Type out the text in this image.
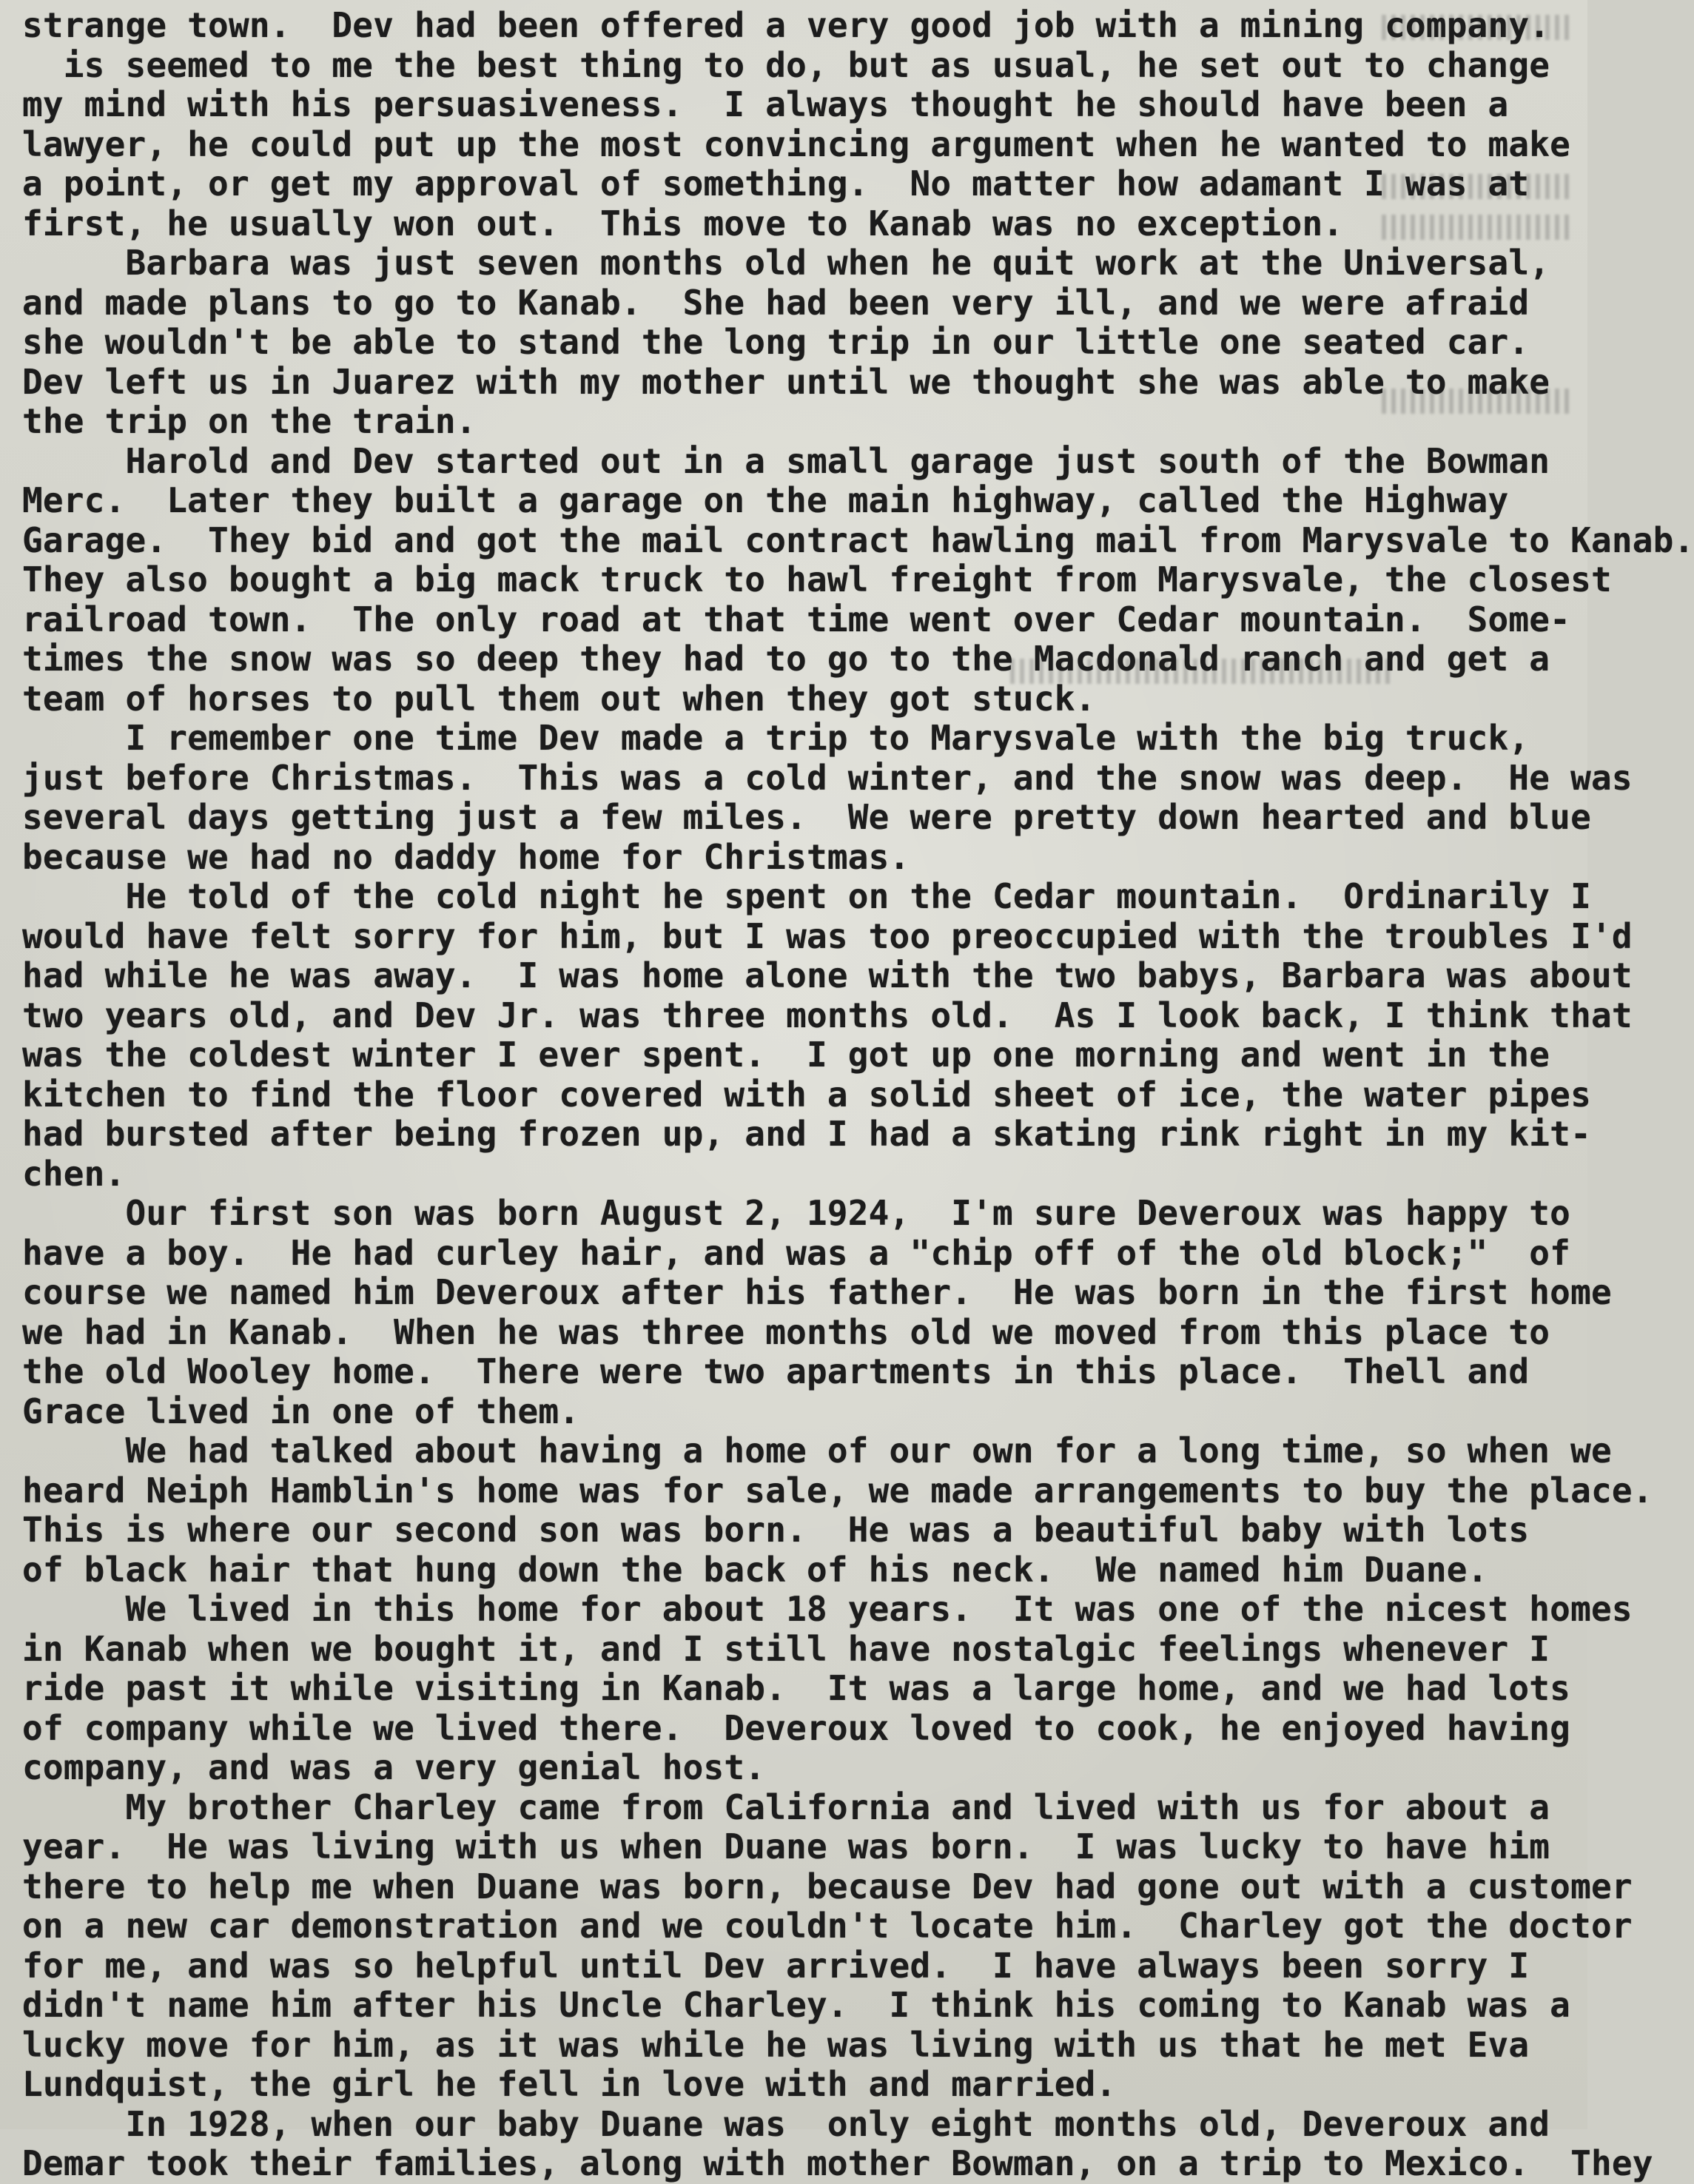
strange town.  Dev had been offered a very good job with a mining company.
is seemed to me the best thing to do, but as usual, he set out to change
my mind with his persuasiveness.  I always thought he should have been a
lawyer, he could put up the most convincing argument when he wanted to make
a point, or get my approval of something.  No matter how adamant I was at
first, he usually won out.  This move to Kanab was no exception.
Barbara was just seven months old when he quit work at the Universal,
and made plans to go to Kanab.  She had been very ill, and we were afraid
she wouldn't be able to stand the long trip in our little one seated car.
Dev left us in Juarez with my mother until we thought she was able to make
the trip on the train.
Harold and Dev started out in a small garage just south of the Bowman
Merc.  Later they built a garage on the main highway, called the Highway
Garage.  They bid and got the mail contract hawling mail from Marysvale to Kanab.
They also bought a big mack truck to hawl freight from Marysvale, the closest
railroad town.  The only road at that time went over Cedar mountain.  Some-
times the snow was so deep they had to go to the Macdonald ranch and get a
team of horses to pull them out when they got stuck.
I remember one time Dev made a trip to Marysvale with the big truck,
just before Christmas.  This was a cold winter, and the snow was deep.  He was
several days getting just a few miles.  We were pretty down hearted and blue
because we had no daddy home for Christmas.
He told of the cold night he spent on the Cedar mountain.  Ordinarily I
would have felt sorry for him, but I was too preoccupied with the troubles I'd
had while he was away.  I was home alone with the two babys, Barbara was about
two years old, and Dev Jr. was three months old.  As I look back, I think that
was the coldest winter I ever spent.  I got up one morning and went in the
kitchen to find the floor covered with a solid sheet of ice, the water pipes
had bursted after being frozen up, and I had a skating rink right in my kit-
chen.
Our first son was born August 2, 1924,  I'm sure Deveroux was happy to
have a boy.  He had curley hair, and was a "chip off of the old block;"  of
course we named him Deveroux after his father.  He was born in the first home
we had in Kanab.  When he was three months old we moved from this place to
the old Wooley home.  There were two apartments in this place.  Thell and
Grace lived in one of them.
We had talked about having a home of our own for a long time, so when we
heard Neiph Hamblin's home was for sale, we made arrangements to buy the place.
This is where our second son was born.  He was a beautiful baby with lots
of black hair that hung down the back of his neck.  We named him Duane.
We lived in this home for about 18 years.  It was one of the nicest homes
in Kanab when we bought it, and I still have nostalgic feelings whenever I
ride past it while visiting in Kanab.  It was a large home, and we had lots
of company while we lived there.  Deveroux loved to cook, he enjoyed having
company, and was a very genial host.
My brother Charley came from California and lived with us for about a
year.  He was living with us when Duane was born.  I was lucky to have him
there to help me when Duane was born, because Dev had gone out with a customer
on a new car demonstration and we couldn't locate him.  Charley got the doctor
for me, and was so helpful until Dev arrived.  I have always been sorry I
didn't name him after his Uncle Charley.  I think his coming to Kanab was a
lucky move for him, as it was while he was living with us that he met Eva
Lundquist, the girl he fell in love with and married.
In 1928, when our baby Duane was  only eight months old, Deveroux and
Demar took their families, along with mother Bowman, on a trip to Mexico.  They
